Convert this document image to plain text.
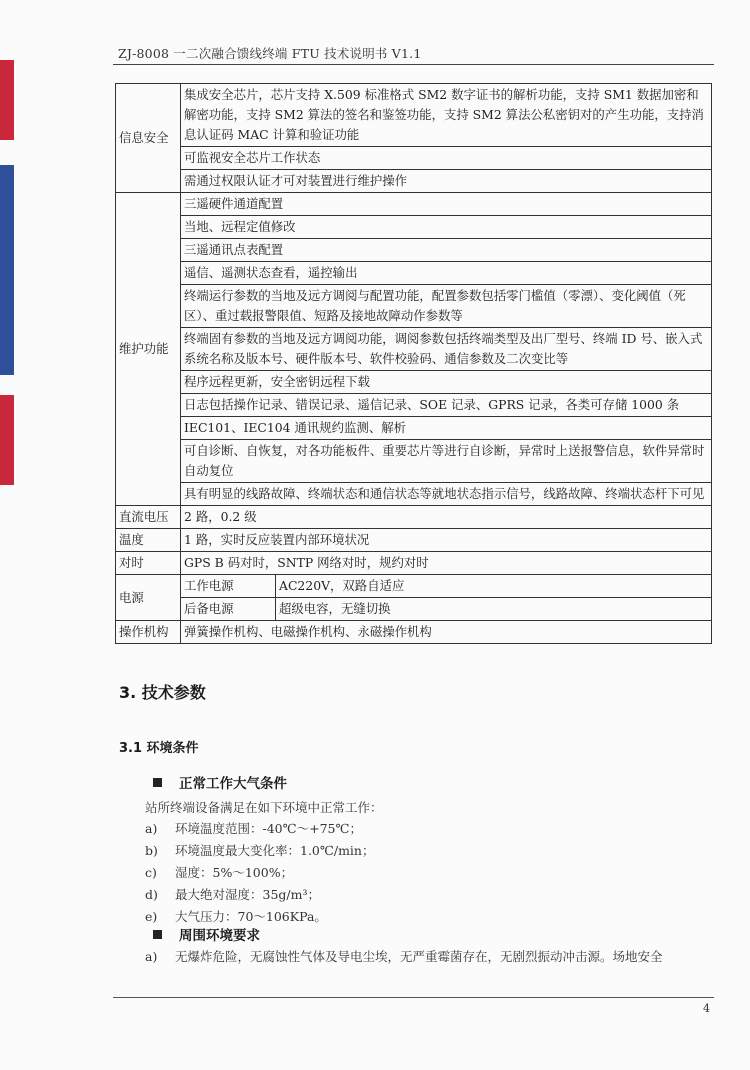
ZJ-8008 一二次融合馈线终端 FTU 技术说明书 V1.1
信息安全	集成安全芯片，芯片支持 X.509 标准格式 SM2 数字证书的解析功能，支持 SM1 数据加密和解密功能，支持 SM2 算法的签名和鉴签功能，支持 SM2 算法公私密钥对的产生功能，支持消息认证码 MAC 计算和验证功能	
	可监视安全芯片工作状态	
	需通过权限认证才可对装置进行维护操作	
维护功能	三遥硬件通道配置	
	当地、远程定值修改	
	三遥通讯点表配置	
	遥信、遥测状态查看，遥控输出	
	终端运行参数的当地及远方调阅与配置功能，配置参数包括零门槛值（零漂）、变化阈值（死区）、重过载报警限值、短路及接地故障动作参数等	
	终端固有参数的当地及远方调阅功能，调阅参数包括终端类型及出厂型号、终端 ID 号、嵌入式系统名称及版本号、硬件版本号、软件校验码、通信参数及二次变比等	
	程序远程更新，安全密钥远程下载	
	日志包括操作记录、错误记录、遥信记录、SOE 记录、GPRS 记录，各类可存储 1000 条	
	IEC101、IEC104 通讯规约监测、解析	
	可自诊断、自恢复，对各功能板件、重要芯片等进行自诊断，异常时上送报警信息，软件异常时自动复位	
	具有明显的线路故障、终端状态和通信状态等就地状态指示信号，线路故障、终端状态杆下可见	
直流电压	2 路，0.2 级	
温度	1 路，实时反应装置内部环境状况	
对时	GPS B 码对时，SNTP 网络对时，规约对时	
电源	工作电源	AC220V，双路自适应
	后备电源	超级电容，无缝切换
操作机构	弹簧操作机构、电磁操作机构、永磁操作机构	
3. 技术参数
3.1 环境条件
正常工作大气条件
站所终端设备满足在如下环境中正常工作：
a)	环境温度范围：-40℃～+75℃；
b)	环境温度最大变化率：1.0℃/min；
c)	湿度：5%～100%；
d)	最大绝对湿度：35g/m³；
e)	大气压力：70～106KPa。
周围环境要求
a) 无爆炸危险，无腐蚀性气体及导电尘埃，无严重霉菌存在，无剧烈振动冲击源。场地安全
4
